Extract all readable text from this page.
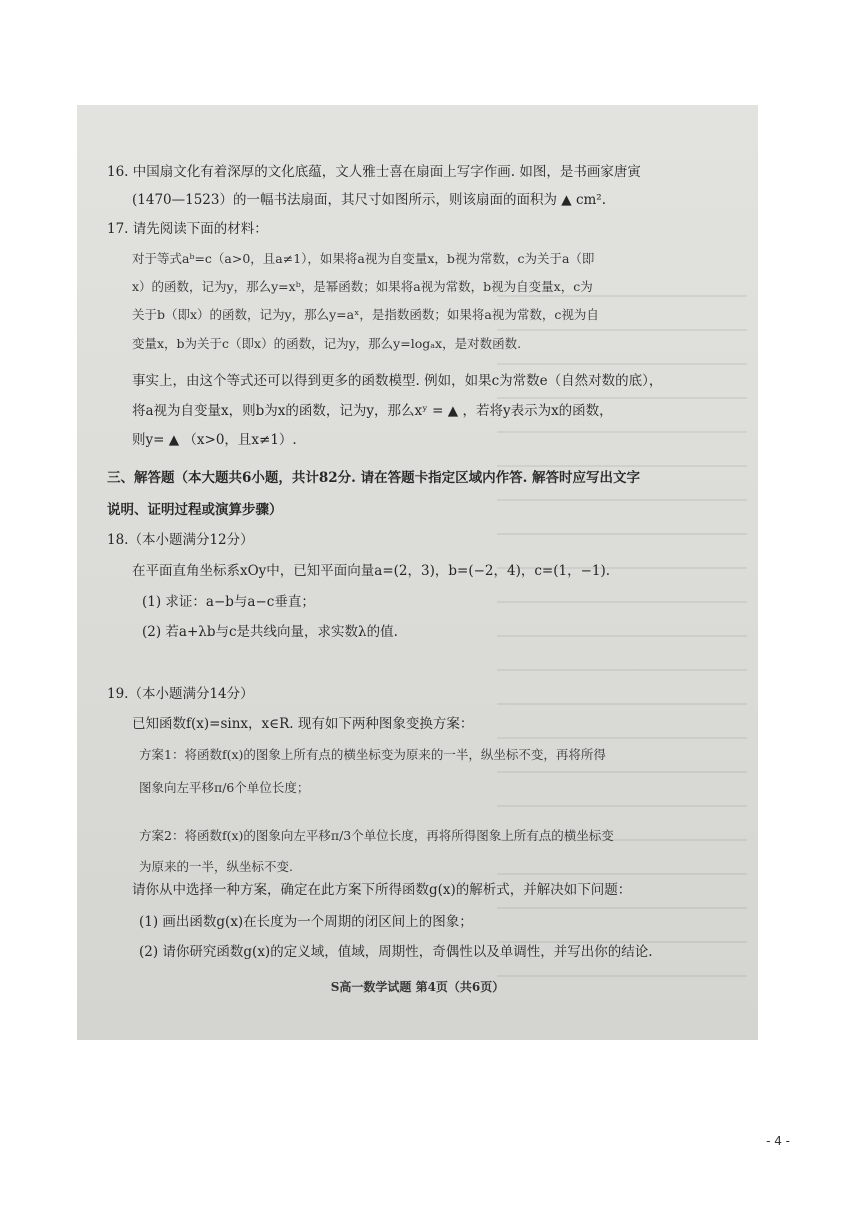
16. 中国扇文化有着深厚的文化底蕴，文人雅士喜在扇面上写字作画. 如图，是书画家唐寅
(1470—1523）的一幅书法扇面，其尺寸如图所示，则该扇面的面积为 ▲ cm².
17. 请先阅读下面的材料：
对于等式aᵇ=c（a>0，且a≠1），如果将a视为自变量x，b视为常数，c为关于a（即
x）的函数，记为y，那么y=xᵇ，是幂函数；如果将a视为常数，b视为自变量x，c为
关于b（即x）的函数，记为y，那么y=aˣ，是指数函数；如果将a视为常数，c视为自
变量x，b为关于c（即x）的函数，记为y，那么y=logₐx，是对数函数.
事实上，由这个等式还可以得到更多的函数模型. 例如，如果c为常数e（自然对数的底），
将a视为自变量x，则b为x的函数，记为y，那么xʸ = ▲ ，若将y表示为x的函数，
则y= ▲ （x>0，且x≠1）.
三、解答题（本大题共6小题，共计82分. 请在答题卡指定区域内作答. 解答时应写出文字
说明、证明过程或演算步骤）
18.（本小题满分12分）
在平面直角坐标系xOy中，已知平面向量a=(2，3)，b=(−2，4)，c=(1，−1).
(1) 求证：a−b与a−c垂直；
(2) 若a+λb与c是共线向量，求实数λ的值.
19.（本小题满分14分）
已知函数f(x)=sinx，x∈R. 现有如下两种图象变换方案：
方案1：将函数f(x)的图象上所有点的横坐标变为原来的一半，纵坐标不变，再将所得
图象向左平移π/6个单位长度；
方案2：将函数f(x)的图象向左平移π/3个单位长度，再将所得图象上所有点的横坐标变
为原来的一半，纵坐标不变.
请你从中选择一种方案，确定在此方案下所得函数g(x)的解析式，并解决如下问题：
(1) 画出函数g(x)在长度为一个周期的闭区间上的图象；
(2) 请你研究函数g(x)的定义域，值域，周期性，奇偶性以及单调性，并写出你的结论.
S高一数学试题 第4页（共6页）
- 4 -
